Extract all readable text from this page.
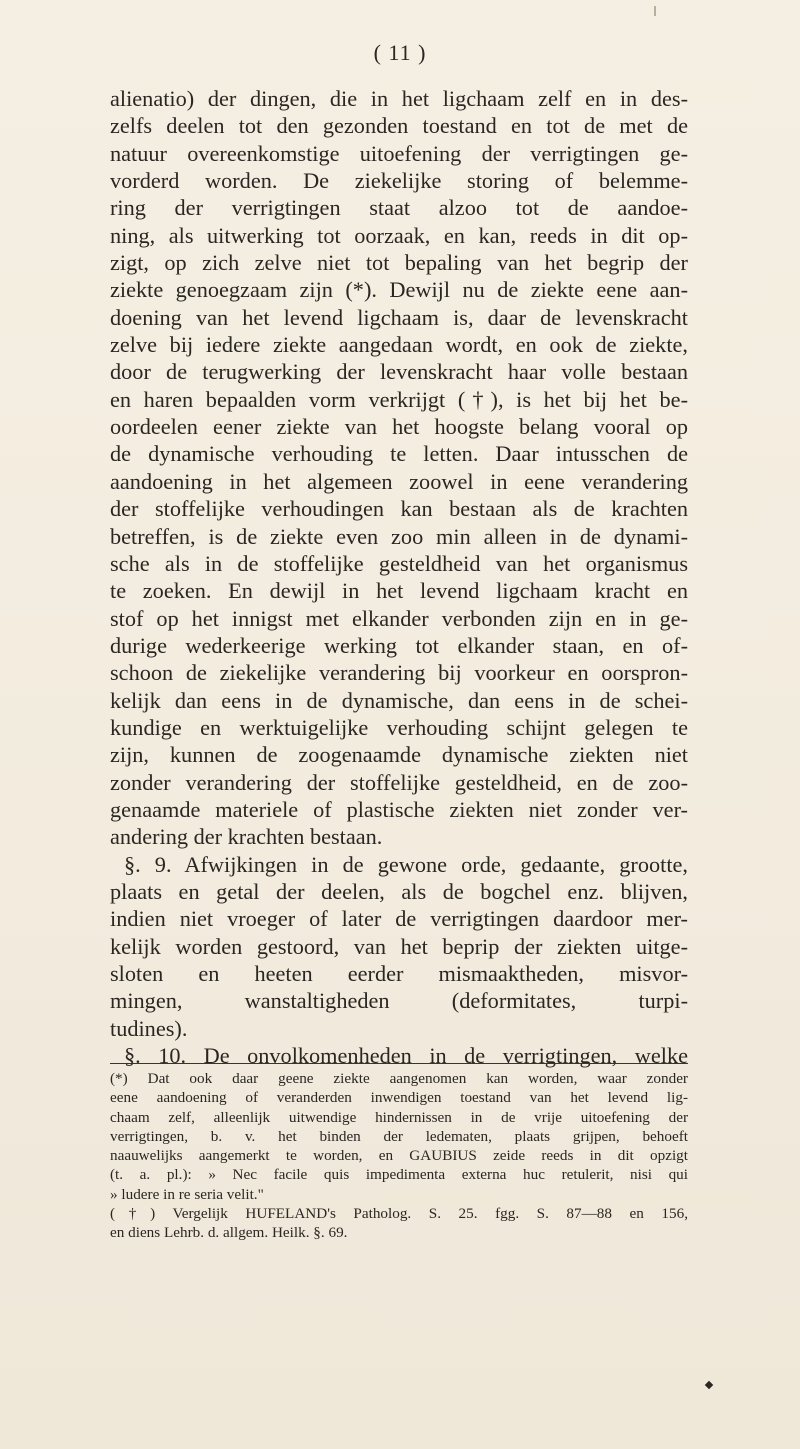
( 11 )
alienatio) der dingen, die in het ligchaam zelf en in des-
zelfs deelen tot den gezonden toestand en tot de met de
natuur overeenkomstige uitoefening der verrigtingen ge-
vorderd worden. De ziekelijke storing of belemme-
ring der verrigtingen staat alzoo tot de aandoe-
ning, als uitwerking tot oorzaak, en kan, reeds in dit op-
zigt, op zich zelve niet tot bepaling van het begrip der
ziekte genoegzaam zijn (*). Dewijl nu de ziekte eene aan-
doening van het levend ligchaam is, daar de levenskracht
zelve bij iedere ziekte aangedaan wordt, en ook de ziekte,
door de terugwerking der levenskracht haar volle bestaan
en haren bepaalden vorm verkrijgt (†), is het bij het be-
oordeelen eener ziekte van het hoogste belang vooral op
de dynamische verhouding te letten. Daar intusschen de
aandoening in het algemeen zoowel in eene verandering
der stoffelijke verhoudingen kan bestaan als de krachten
betreffen, is de ziekte even zoo min alleen in de dynami-
sche als in de stoffelijke gesteldheid van het organismus
te zoeken. En dewijl in het levend ligchaam kracht en
stof op het innigst met elkander verbonden zijn en in ge-
durige wederkeerige werking tot elkander staan, en of-
schoon de ziekelijke verandering bij voorkeur en oorspron-
kelijk dan eens in de dynamische, dan eens in de schei-
kundige en werktuigelijke verhouding schijnt gelegen te
zijn, kunnen de zoogenaamde dynamische ziekten niet
zonder verandering der stoffelijke gesteldheid, en de zoo-
genaamde materiele of plastische ziekten niet zonder ver-
andering der krachten bestaan.
§. 9. Afwijkingen in de gewone orde, gedaante, grootte,
plaats en getal der deelen, als de bogchel enz. blijven,
indien niet vroeger of later de verrigtingen daardoor mer-
kelijk worden gestoord, van het beprip der ziekten uitge-
sloten en heeten eerder mismaaktheden, misvor-
mingen, wanstaltigheden (deformitates, turpi-
tudines).
§. 10. De onvolkomenheden in de verrigtingen, welke
(*) Dat ook daar geene ziekte aangenomen kan worden, waar zonder
eene aandoening of veranderden inwendigen toestand van het levend lig-
chaam zelf, alleenlijk uitwendige hindernissen in de vrije uitoefening der
verrigtingen, b. v. het binden der ledematen, plaats grijpen, behoeft
naauwelijks aangemerkt te worden, en GAUBIUS zeide reeds in dit opzigt
(t. a. pl.): » Nec facile quis impedimenta externa huc retulerit, nisi qui
» ludere in re seria velit."
(†) Vergelijk HUFELAND's Patholog. S. 25. fgg. S. 87—88 en 156,
en diens Lehrb. d. allgem. Heilk. §. 69.
